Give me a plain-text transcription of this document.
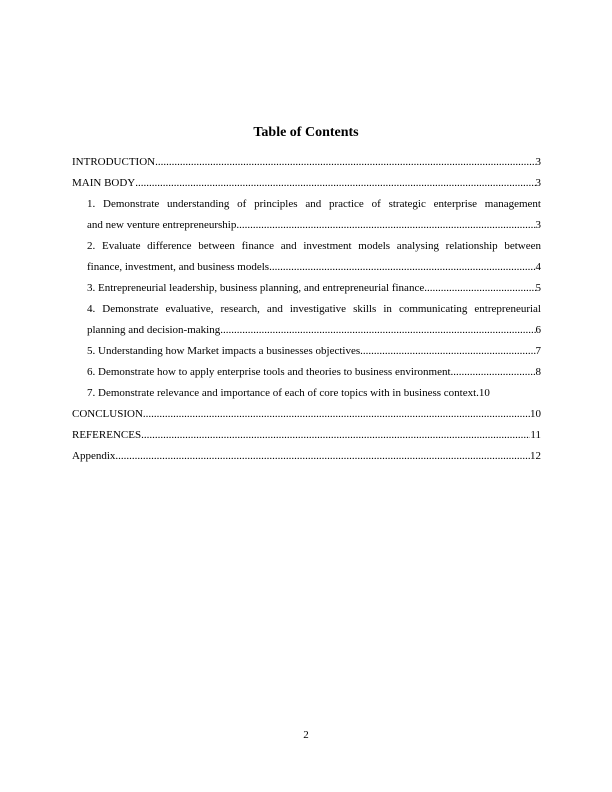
Table of Contents
INTRODUCTION .....	3
MAIN BODY .....	3
1. Demonstrate understanding of principles and practice of strategic enterprise management
and new venture entrepreneurship .....	3
2. Evaluate difference between finance and investment models analysing relationship between
finance, investment, and business models .....	4
3. Entrepreneurial leadership, business planning, and entrepreneurial finance .....	5
4. Demonstrate evaluative, research, and investigative skills in communicating entrepreneurial
planning and decision-making .....	6
5. Understanding how Market impacts a businesses objectives .....	7
6. Demonstrate how to apply enterprise tools and theories to business environment .....	8
7. Demonstrate relevance and importance of each of core topics with in business context. 10
CONCLUSION .....	10
REFERENCES .....	11
Appendix .....	12
2
